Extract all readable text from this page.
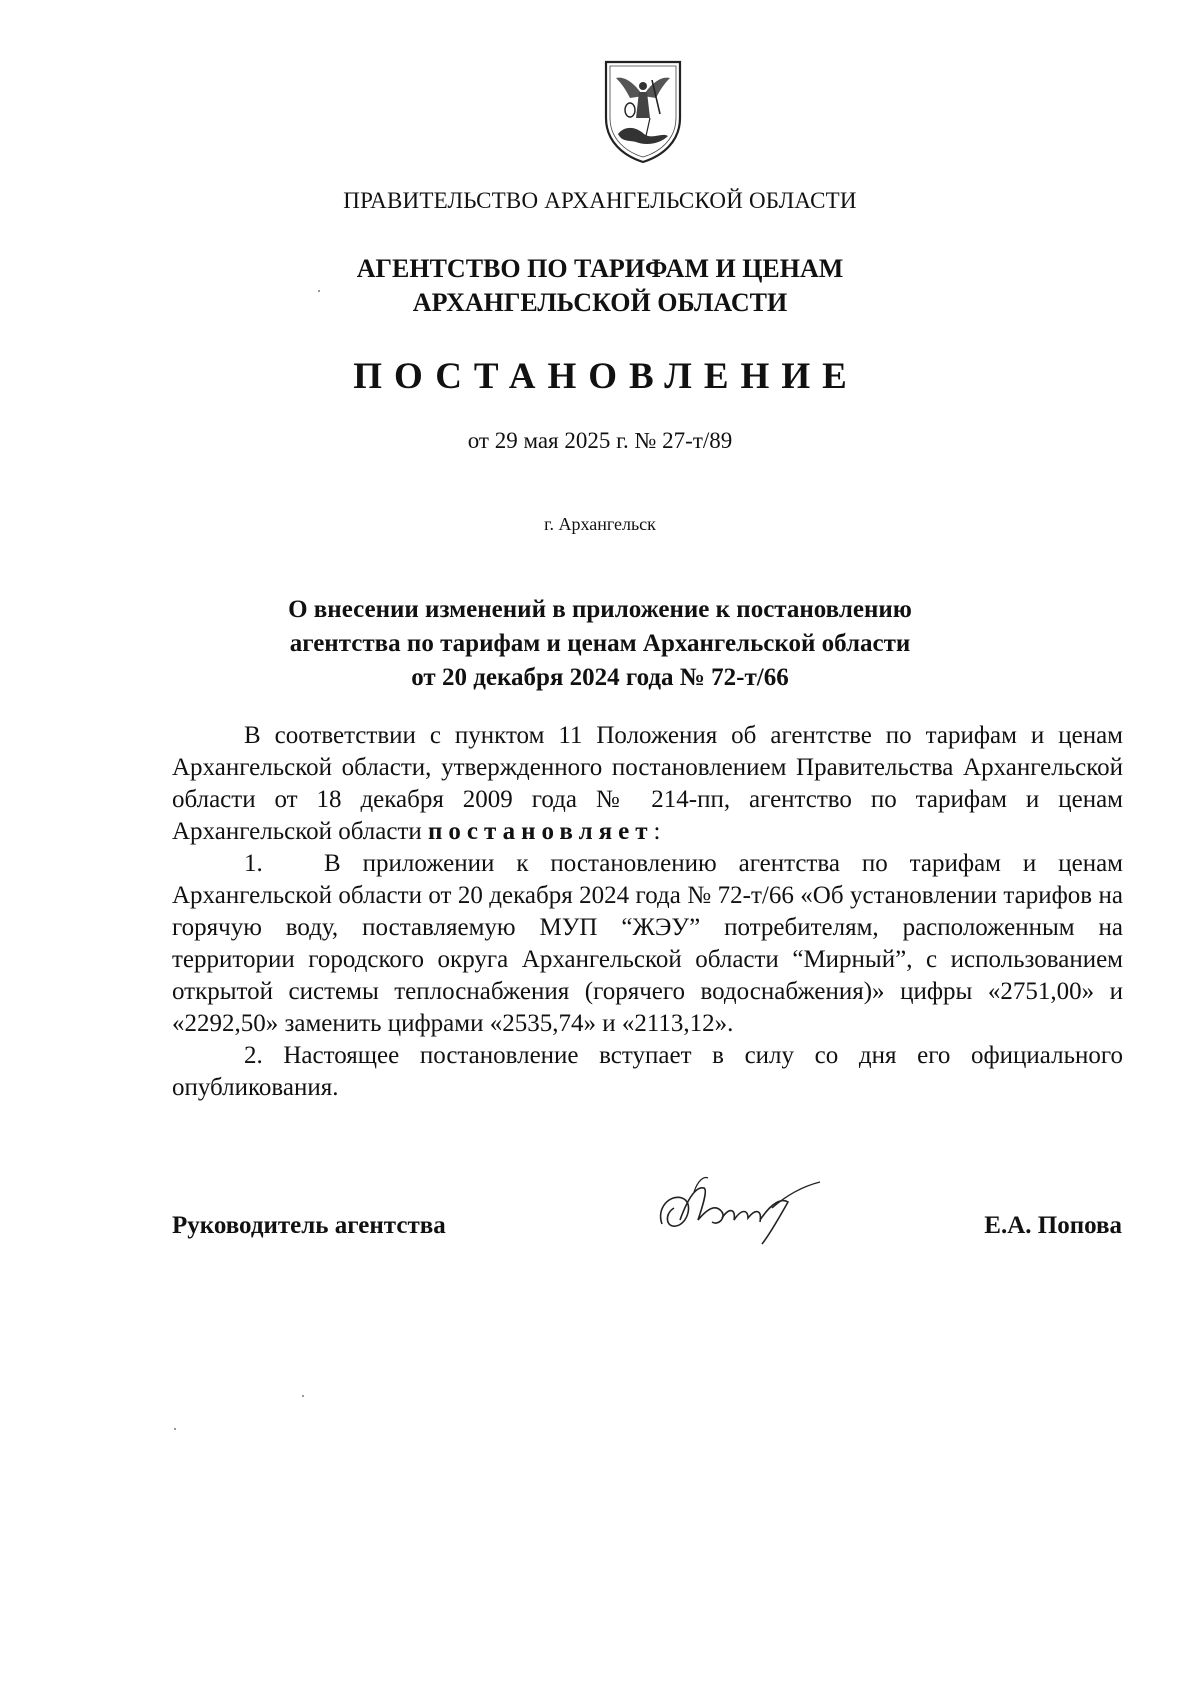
ПРАВИТЕЛЬСТВО АРХАНГЕЛЬСКОЙ ОБЛАСТИ
АГЕНТСТВО ПО ТАРИФАМ И ЦЕНАМ
АРХАНГЕЛЬСКОЙ ОБЛАСТИ
ПОСТАНОВЛЕНИЕ
от 29 мая 2025 г. № 27-т/89
г. Архангельск
О внесении изменений в приложение к постановлению
агентства по тарифам и ценам Архангельской области
от 20 декабря 2024 года № 72-т/66

В соответствии с пунктом 11 Положения об агентстве по тарифам и ценам Архангельской области, утвержденного постановлением Правительства Архангельской области от 18 декабря 2009 года № 214-пп, агентство по тарифам и ценам Архангельской области постановляет:

1. В приложении к постановлению агентства по тарифам и ценам Архангельской области от 20 декабря 2024 года № 72-т/66 «Об установлении тарифов на горячую воду, поставляемую МУП “ЖЭУ” потребителям, расположенным на территории городского округа Архангельской области “Мирный”, с использованием открытой системы теплоснабжения (горячего водоснабжения)» цифры «2751,00» и «2292,50» заменить цифрами «2535,74» и «2113,12».

2. Настоящее постановление вступает в силу со дня его официального опубликования.

Руководитель агентства	Е.А. Попова
